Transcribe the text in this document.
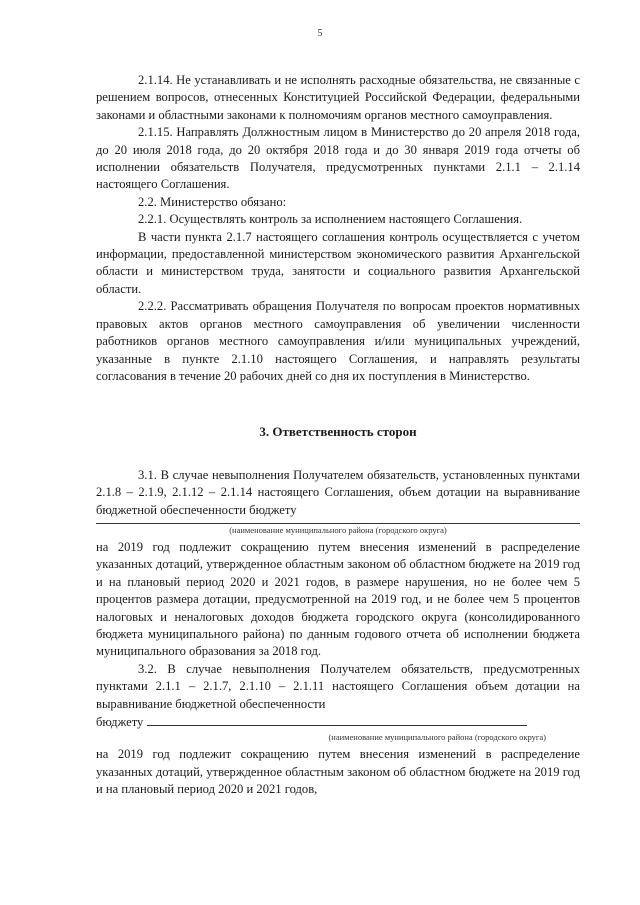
5

2.1.14. Не устанавливать и не исполнять расходные обязательства, не связанные с решением вопросов, отнесенных Конституцией Российской Федерации, федеральными законами и областными законами к полномочиям органов местного самоуправления.

2.1.15. Направлять Должностным лицом в Министерство до 20 апреля 2018 года, до 20 июля 2018 года, до 20 октября 2018 года и до 30 января 2019 года отчеты об исполнении обязательств Получателя, предусмотренных пунктами 2.1.1 – 2.1.14 настоящего Соглашения.

2.2. Министерство обязано:

2.2.1. Осуществлять контроль за исполнением настоящего Соглашения.

В части пункта 2.1.7 настоящего соглашения контроль осуществляется с учетом информации, предоставленной министерством экономического развития Архангельской области и министерством труда, занятости и социального развития Архангельской области.

2.2.2. Рассматривать обращения Получателя по вопросам проектов нормативных правовых актов органов местного самоуправления об увеличении численности работников органов местного самоуправления и/или муниципальных учреждений, указанные в пункте 2.1.10 настоящего Соглашения, и направлять результаты согласования в течение 20 рабочих дней со дня их поступления в Министерство.

3. Ответственность сторон

3.1. В случае невыполнения Получателем обязательств, установленных пунктами 2.1.8 – 2.1.9, 2.1.12 – 2.1.14 настоящего Соглашения, объем дотации на выравнивание бюджетной обеспеченности бюджету

(наименование муниципального района (городского округа)

на 2019 год подлежит сокращению путем внесения изменений в распределение указанных дотаций, утвержденное областным законом об областном бюджете на 2019 год и на плановый период 2020 и 2021 годов, в размере нарушения, но не более чем 5 процентов размера дотации, предусмотренной на 2019 год, и не более чем 5 процентов налоговых и неналоговых доходов бюджета городского округа (консолидированного бюджета муниципального района) по данным годового отчета об исполнении бюджета муниципального образования за 2018 год.

3.2. В случае невыполнения Получателем обязательств, предусмотренных пунктами 2.1.1 – 2.1.7, 2.1.10 – 2.1.11 настоящего Соглашения объем дотации на выравнивание бюджетной обеспеченности

бюджету
(наименование муниципального района (городского округа)

на 2019 год подлежит сокращению путем внесения изменений в распределение указанных дотаций, утвержденное областным законом об областном бюджете на 2019 год и на плановый период 2020 и 2021 годов,
